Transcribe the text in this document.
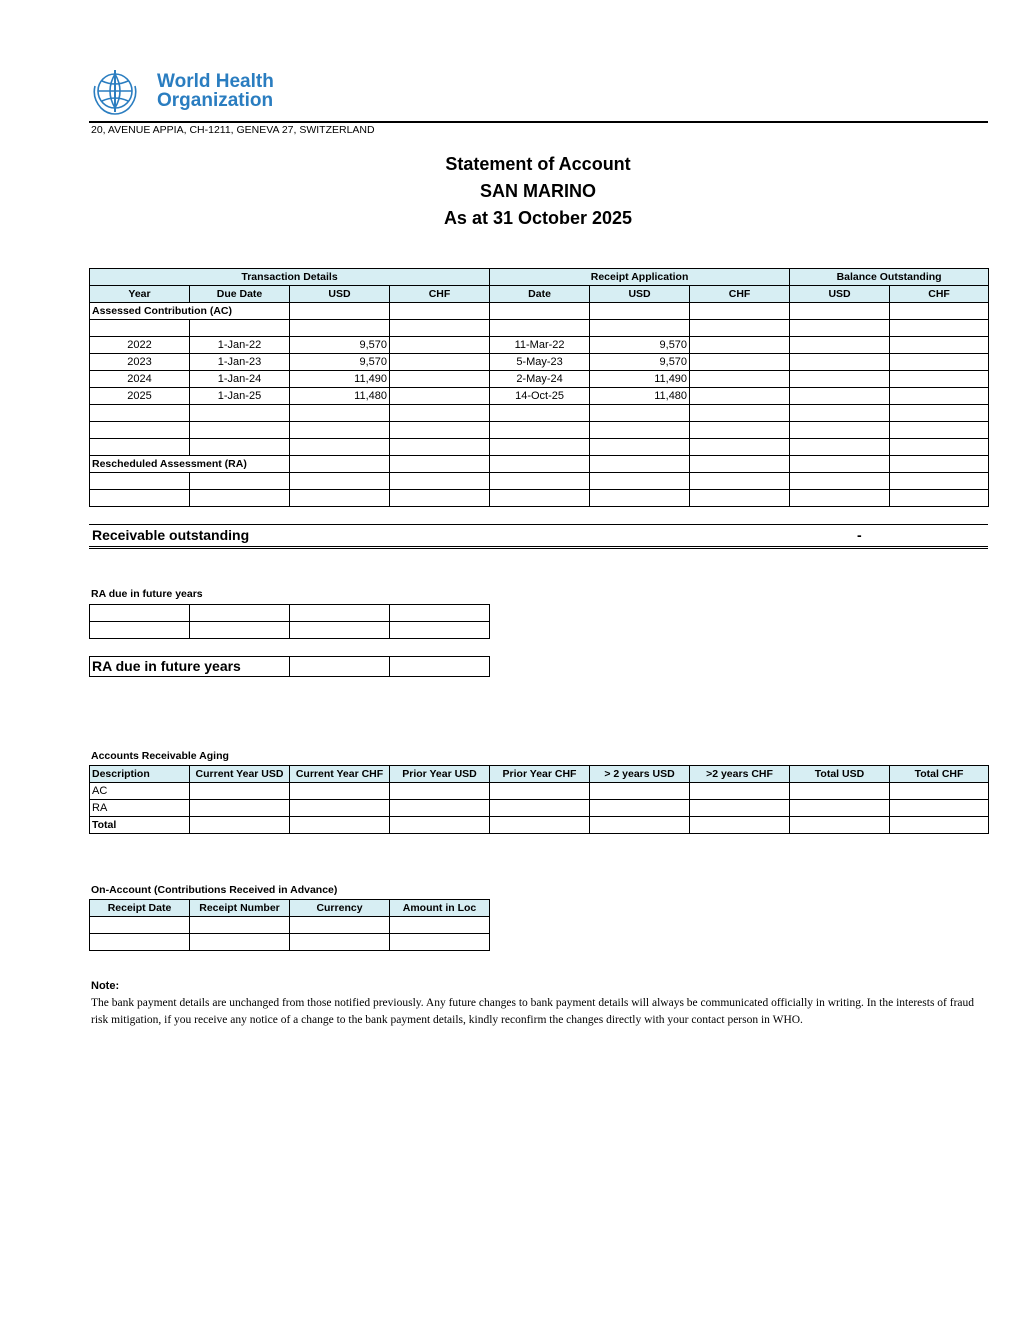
World Health
Organization
20, AVENUE APPIA, CH-1211, GENEVA 27, SWITZERLAND
Statement of Account
SAN MARINO
As at 31 October 2025
Transaction Details				Receipt Application			Balance Outstanding	
Year	Due Date	USD	CHF	Date	USD	CHF	USD	CHF
Assessed Contribution (AC)								

2022	1-Jan-22	9,570		11-Mar-22	9,570			
2023	1-Jan-23	9,570		5-May-23	9,570			
2024	1-Jan-24	11,490		2-May-24	11,490			
2025	1-Jan-25	11,480		14-Oct-25	11,480			

Rescheduled Assessment (RA)								

Receivable outstanding	-
RA due in future years

RA due in future years		
Accounts Receivable Aging
Description	Current Year USD	Current Year CHF	Prior Year USD	Prior Year CHF	> 2 years USD	>2 years CHF	Total USD	Total CHF
AC								
RA								
Total								
On-Account (Contributions Received in Advance)
Receipt Date	Receipt Number	Currency	Amount in Loc

Note:
The bank payment details are unchanged from those notified previously. Any future changes to bank payment details will always be communicated officially in writing. In the interests of fraud risk mitigation, if you receive any notice of a change to the bank payment details, kindly reconfirm the changes directly with your contact person in WHO.
